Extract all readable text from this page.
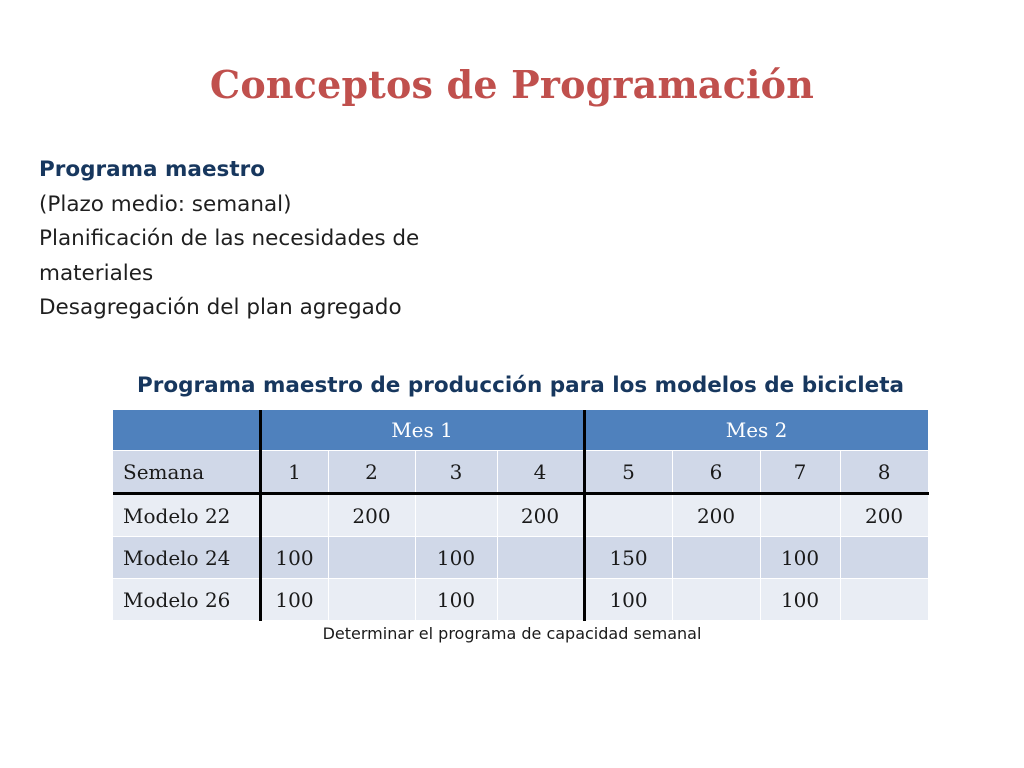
Conceptos de Programación
Programa maestro
(Plazo medio: semanal)
Planificación de las necesidades de materiales
Desagregación del plan agregado
Programa maestro de producción para los modelos de bicicleta
	Mes 1				Mes 2			
Semana	1	2	3	4	5	6	7	8
Modelo 22		200		200		200		200
Modelo 24	100		100		150		100	
Modelo 26	100		100		100		100	
Determinar el programa de capacidad semanal
